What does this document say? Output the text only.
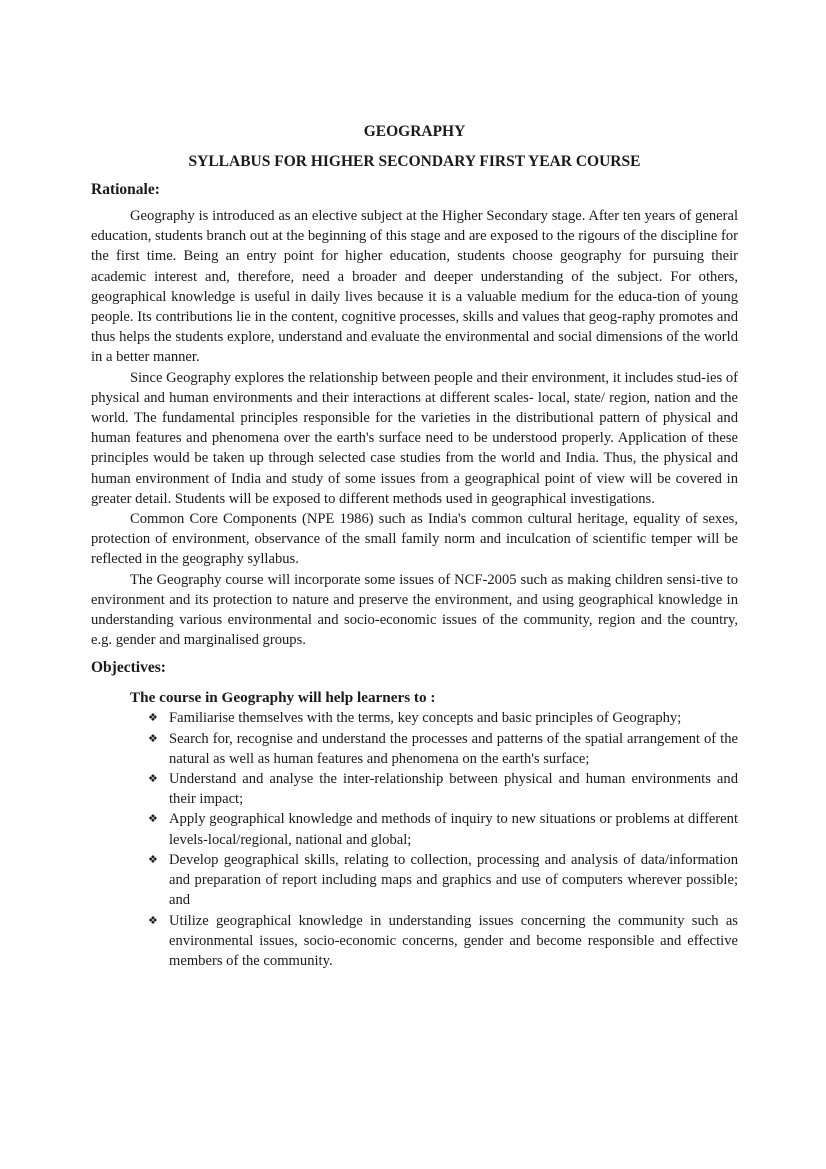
GEOGRAPHY

SYLLABUS FOR HIGHER SECONDARY FIRST YEAR COURSE

Rationale:

Geography is introduced as an elective subject at the Higher Secondary stage. After ten years of general education, students branch out at the beginning of this stage and are exposed to the rigours of the discipline for the first time. Being an entry point for higher education, students choose geography for pursuing their academic interest and, therefore, need a broader and deeper understanding of the subject. For others, geographical knowledge is useful in daily lives because it is a valuable medium for the educa-tion of young people. Its contributions lie in the content, cognitive processes, skills and values that geog-raphy promotes and thus helps the students explore, understand and evaluate the environmental and social dimensions of the world in a better manner.

Since Geography explores the relationship between people and their environment, it includes stud-ies of physical and human environments and their interactions at different scales- local, state/ region, nation and the world. The fundamental principles responsible for the varieties in the distributional pattern of physical and human features and phenomena over the earth's surface need to be understood properly. Application of these principles would be taken up through selected case studies from the world and India. Thus, the physical and human environment of India and study of some issues from a geographical point of view will be covered in greater detail. Students will be exposed to different methods used in geographical investigations.

Common Core Components (NPE 1986) such as India's common cultural heritage, equality of sexes, protection of environment, observance of the small family norm and inculcation of scientific temper will be reflected in the geography syllabus.

The Geography course will incorporate some issues of NCF-2005 such as making children sensi-tive to environment and its protection to nature and preserve the environment, and using geographical knowledge in understanding various environmental and socio-economic issues of the community, region and the country, e.g. gender and marginalised groups.

Objectives:

The course in Geography will help learners to :

❖ Familiarise themselves with the terms, key concepts and basic principles of Geography;
❖ Search for, recognise and understand the processes and patterns of the spatial arrangement of the natural as well as human features and phenomena on the earth's surface;
❖ Understand and analyse the inter-relationship between physical and human environments and their impact;
❖ Apply geographical knowledge and methods of inquiry to new situations or problems at different levels-local/regional, national and global;
❖ Develop geographical skills, relating to collection, processing and analysis of data/information and preparation of report including maps and graphics and use of computers wherever possible; and
❖ Utilize geographical knowledge in understanding issues concerning the community such as environmental issues, socio-economic concerns, gender and become responsible and effective members of the community.
